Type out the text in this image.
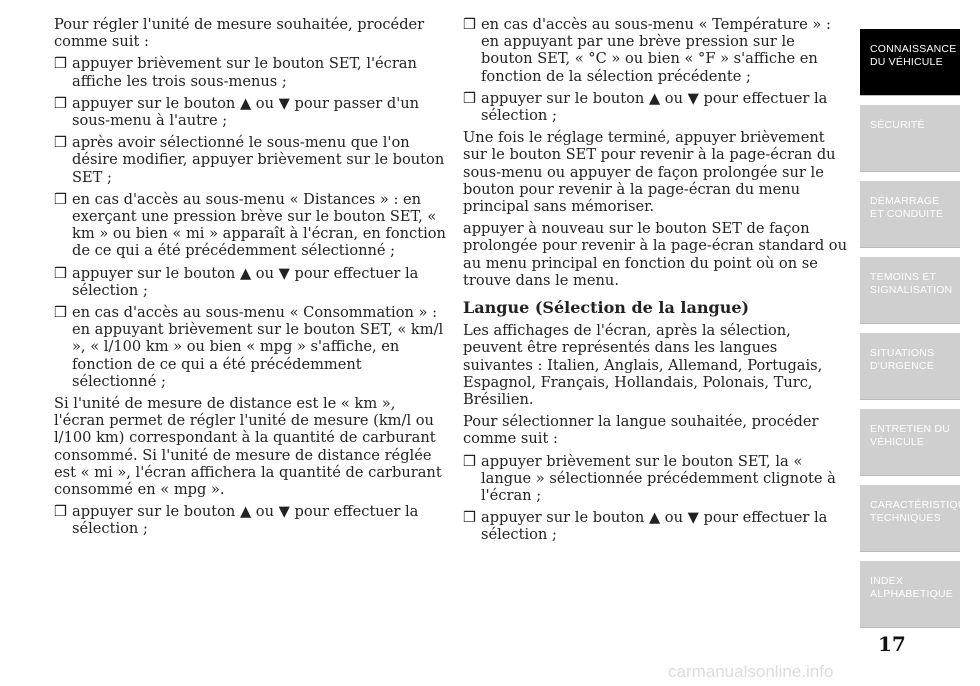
Pour régler l'unité de mesure souhaitée, procéder comme suit :
❒ appuyer brièvement sur le bouton SET, l'écran affiche les trois sous-menus ;
❒ appuyer sur le bouton ▲ ou ▼ pour passer d'un sous-menu à l'autre ;
❒ après avoir sélectionné le sous-menu que l'on désire modifier, appuyer brièvement sur le bouton SET ;
❒ en cas d'accès au sous-menu « Distances » : en exerçant une pression brève sur le bouton SET, « km » ou bien « mi » apparaît à l'écran, en fonction de ce qui a été précédemment sélectionné ;
❒ appuyer sur le bouton ▲ ou ▼ pour effectuer la sélection ;
❒ en cas d'accès au sous-menu « Consommation » : en appuyant brièvement sur le bouton SET, « km/l », « l/100 km » ou bien « mpg » s'affiche, en fonction de ce qui a été précédemment sélectionné ;
Si l'unité de mesure de distance est le « km », l'écran permet de régler l'unité de mesure (km/l ou l/100 km) correspondant à la quantité de carburant consommé. Si l'unité de mesure de distance réglée est « mi », l'écran affichera la quantité de carburant consommé en « mpg ».
❒ appuyer sur le bouton ▲ ou ▼ pour effectuer la sélection ;
❒ en cas d'accès au sous-menu « Température » : en appuyant par une brève pression sur le bouton SET, « °C » ou bien « °F » s'affiche en fonction de la sélection précédente ;
❒ appuyer sur le bouton ▲ ou ▼ pour effectuer la sélection ;
Une fois le réglage terminé, appuyer brièvement sur le bouton SET pour revenir à la page-écran du sous-menu ou appuyer de façon prolongée sur le bouton pour revenir à la page-écran du menu principal sans mémoriser.
appuyer à nouveau sur le bouton SET de façon prolongée pour revenir à la page-écran standard ou au menu principal en fonction du point où on se trouve dans le menu.
Langue (Sélection de la langue)
Les affichages de l'écran, après la sélection, peuvent être représentés dans les langues suivantes : Italien, Anglais, Allemand, Portugais, Espagnol, Français, Hollandais, Polonais, Turc, Brésilien.
Pour sélectionner la langue souhaitée, procéder comme suit :
❒ appuyer brièvement sur le bouton SET, la « langue » sélectionnée précédemment clignote à l'écran ;
❒ appuyer sur le bouton ▲ ou ▼ pour effectuer la sélection ;
CONNAISSANCE DU VÉHICULE
SÉCURITÉ
DÉMARRAGE ET CONDUITE
TEMOINS ET SIGNALISATION
SITUATIONS D'URGENCE
ENTRETIEN DU VÉHICULE
CARACTÉRISTIQUES TECHNIQUES
INDEX ALPHABETIQUE
17
carmanualsonline.info
